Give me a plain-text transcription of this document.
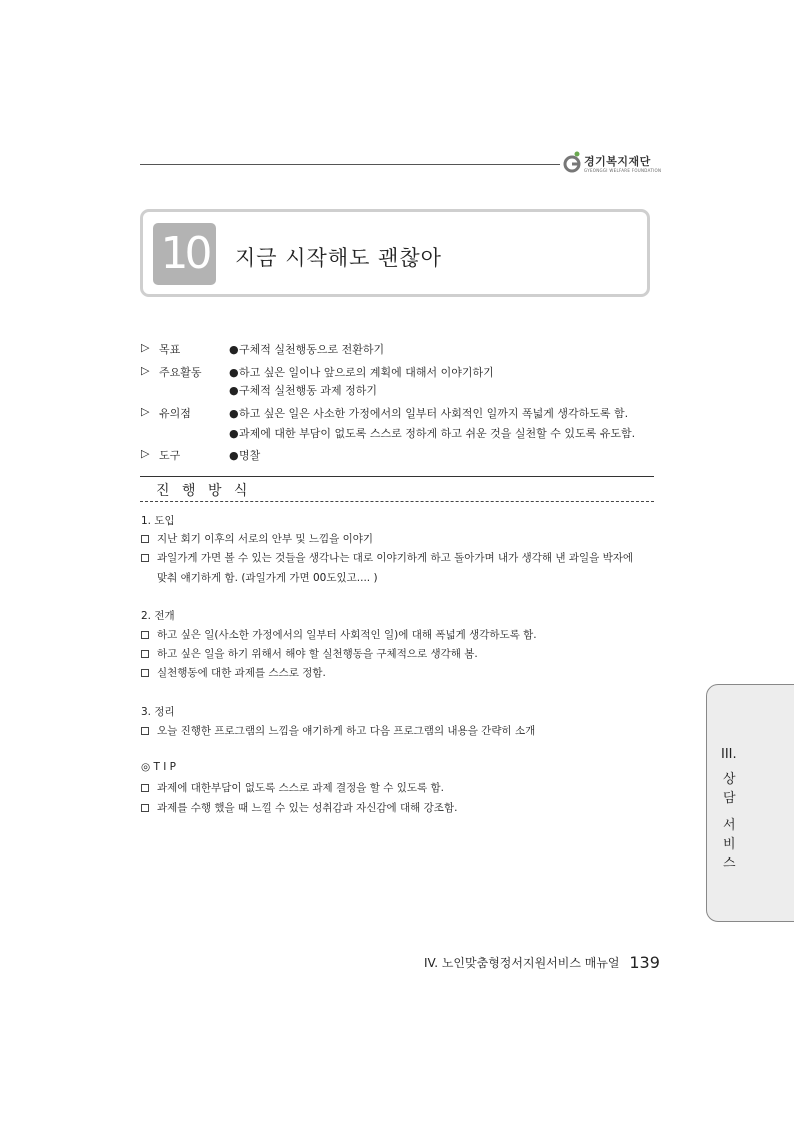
경기복지재단
GYEONGGI WELFARE FOUNDATION
10	지금 시작해도 괜찮아
▷ 목표	●구체적 실천행동으로 전환하기
▷ 주요활동 ●하고 싶은 일이나 앞으로의 계획에 대해서 이야기하기
●구체적 실천행동 과제 정하기
▷ 유의점	●하고 싶은 일은 사소한 가정에서의 일부터 사회적인 일까지 폭넓게 생각하도록 함.
●과제에 대한 부담이 없도록 스스로 정하게 하고 쉬운 것을 실천할 수 있도록 유도함.
▷ 도구	●명찰
진 행 방 식
1. 도입
지난 회기 이후의 서로의 안부 및 느낌을 이야기
과일가게 가면 볼 수 있는 것들을 생각나는 대로 이야기하게 하고 돌아가며 내가 생각해 낸 과일을 박자에
맞춰 얘기하게 함. (과일가게 가면 00도있고.... )
2. 전개
하고 싶은 일(사소한 가정에서의 일부터 사회적인 일)에 대해 폭넓게 생각하도록 함.
하고 싶은 일을 하기 위해서 해야 할 실천행동을 구체적으로 생각해 봄.
실천행동에 대한 과제를 스스로 정함.
3. 정리
오늘 진행한 프로그램의 느낌을 얘기하게 하고 다음 프로그램의 내용을 간략히 소개
◎ T I P
과제에 대한부담이 없도록 스스로 과제 결정을 할 수 있도록 함.
과제를 수행 했을 때 느낄 수 있는 성취감과 자신감에 대해 강조함.
III.
상
담
서
비
스
IV. 노인맞춤형정서지원서비스 매뉴얼 139
